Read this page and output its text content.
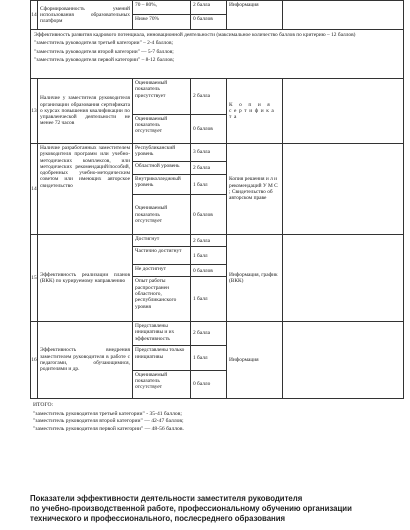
14	Сформированность умений использования образовательных платформ	70 – 80%,	2 балла	Информация	
		Ниже 70%	0 баллов		

Эффективность развития кадрового потенциала, инновационной деятельности (максимальное количество баллов по критерию – 12 баллов)
"заместитель руководителя третьей категории" – 2-4 баллов;
"заместитель руководителя второй категории" — 5-7 баллов;
"заместитель руководителя первой категории" – 8-12 баллов;					

13	Наличие у заместителя руководителя организации образования сертификата о курсах повышения квалификации по управленческой деятельности не менее 72 часов	Оцениваемый показатель присутствует	2 балла	К о п и я сертификата	
		Оцениваемый показатель отсутствует	0 баллов		
14	Наличие разработанных заместителем руководителя программ или учебно-методических комплексов, или методических рекомендаций/пособий, одобренных учебно-методическим советом или имеющих авторское свидетельство	Республиканский уровень	3 балла	Копия решения и л и рекомендаций У М С ; Свидетельство об авторском праве	
		Областной уровень	2 балла		
		Внутриколледжный уровень	1 балл		
		Оцениваемый показатель отсутствует	0 баллов		
15	Эффективность реализации планов (ВКК) по курируемому направлению	Достигнут	2 балла	Информация, график (ВКК)	
		Частично достигнут	1 балл		
		Не достигнут	0 баллов		
		Опыт работы распространен областного, республиканского уровня	1 балл		
16	Эффективность внедрения заместителем руководителя в работе с педагогами, обучающимися, родителями и др.	Представлены инициативы и их эффективность	2 балла	Информация	
		Представлены только инициативы	1 балл		
		Оцениваемый показатель отсутствует	0 балло		
ИТОГО:
"заместитель руководителя третьей категории" - 35-41 баллов;
"заместитель руководителя второй категории" — 42-47 баллов;
"заместитель руководителя первой категории" — 48-56 баллов.
Показатели эффективности деятельности заместителя руководителя
по учебно-производственной работе, профессиональному обучению организации
технического и профессионального, послесреднего образования
